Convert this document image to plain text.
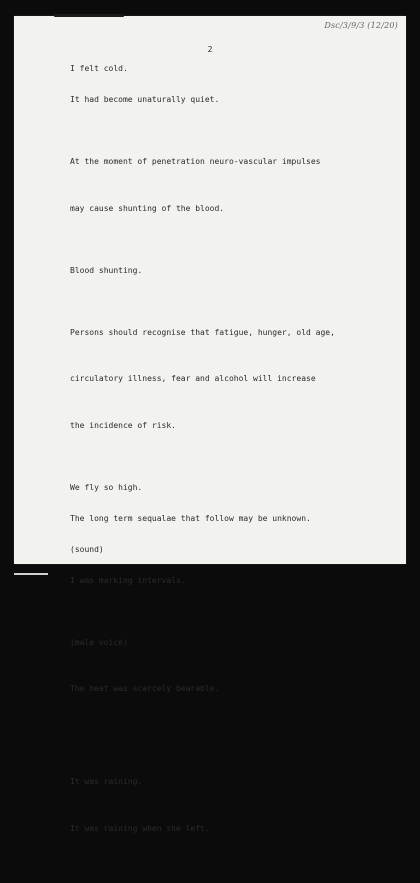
Dsc/3/9/3 (12/20)
2
I felt cold.
It had become unaturally quiet.

At the moment of penetration neuro-vascular impulses

may cause shunting of the blood.

Blood shunting.

Persons should recognise that fatigue, hunger, old age,

circulatory illness, fear and alcohol will increase

the incidence of risk.

We fly so high.
The long term sequalae that follow may be unknown.
(sound)
I was marking intervals.

(male voice)

The heat was scarcely bearable.

It was raining.

It was raining when she left.
